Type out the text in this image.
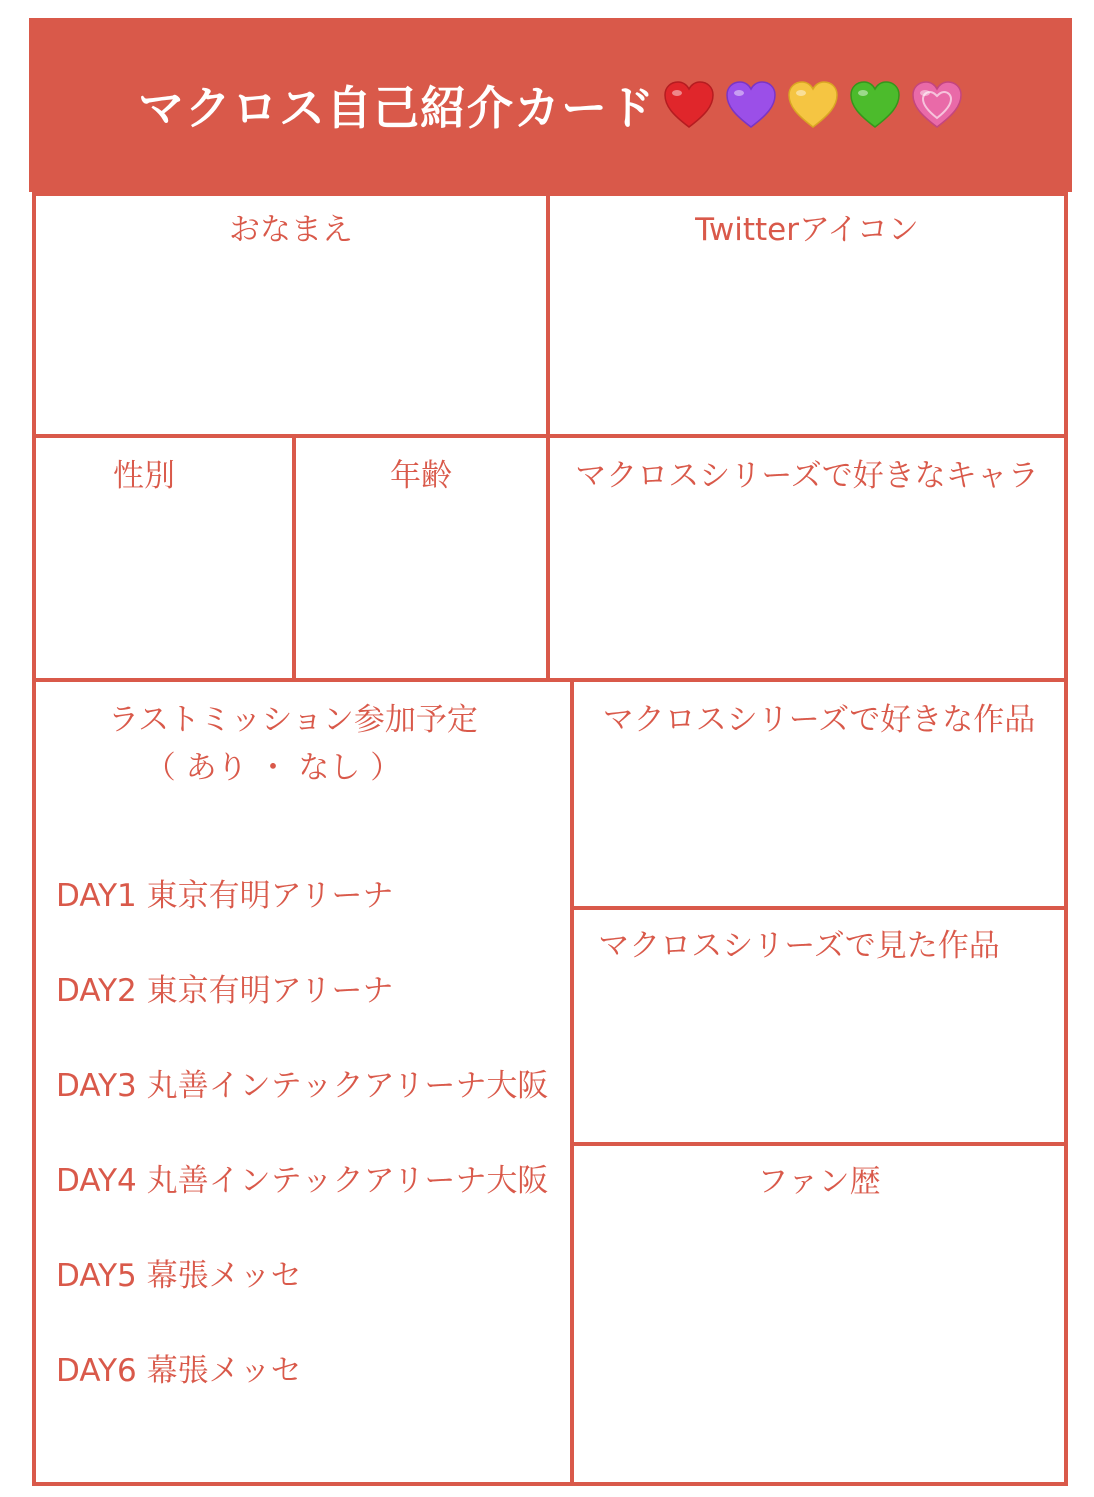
マクロス自己紹介カード
おなまえ	Twitterアイコン
性別	年齢	マクロスシリーズで好きなキャラ
ラストミッション参加予定
（ あり ・ なし ）
DAY1 東京有明アリーナ
DAY2 東京有明アリーナ
DAY3 丸善インテックアリーナ大阪
DAY4 丸善インテックアリーナ大阪
DAY5 幕張メッセ
DAY6 幕張メッセ
マクロスシリーズで好きな作品
マクロスシリーズで見た作品
ファン歴
